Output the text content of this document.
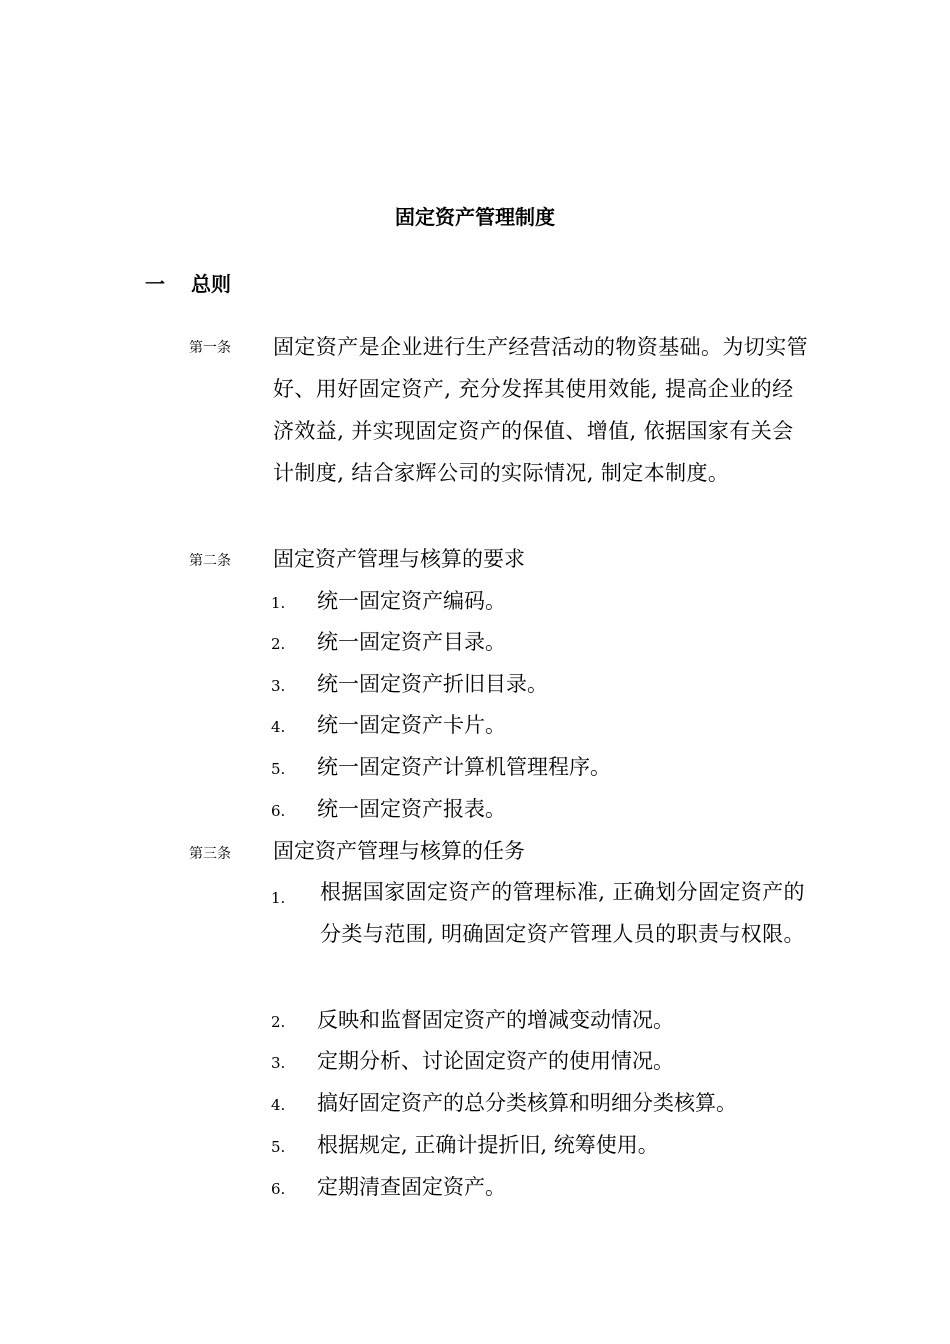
固定资产管理制度
一 总则
第一条 固定资产是企业进行生产经营活动的物资基础。为切实管好、用好固定资产, 充分发挥其使用效能, 提高企业的经济效益, 并实现固定资产的保值、增值, 依据国家有关会计制度, 结合家辉公司的实际情况, 制定本制度。
第二条 固定资产管理与核算的要求
1. 统一固定资产编码。
2. 统一固定资产目录。
3. 统一固定资产折旧目录。
4. 统一固定资产卡片。
5. 统一固定资产计算机管理程序。
6. 统一固定资产报表。
第三条 固定资产管理与核算的任务
1. 根据国家固定资产的管理标准, 正确划分固定资产的分类与范围, 明确固定资产管理人员的职责与权限。
2. 反映和监督固定资产的增减变动情况。
3. 定期分析、讨论固定资产的使用情况。
4. 搞好固定资产的总分类核算和明细分类核算。
5. 根据规定, 正确计提折旧, 统筹使用。
6. 定期清查固定资产。
